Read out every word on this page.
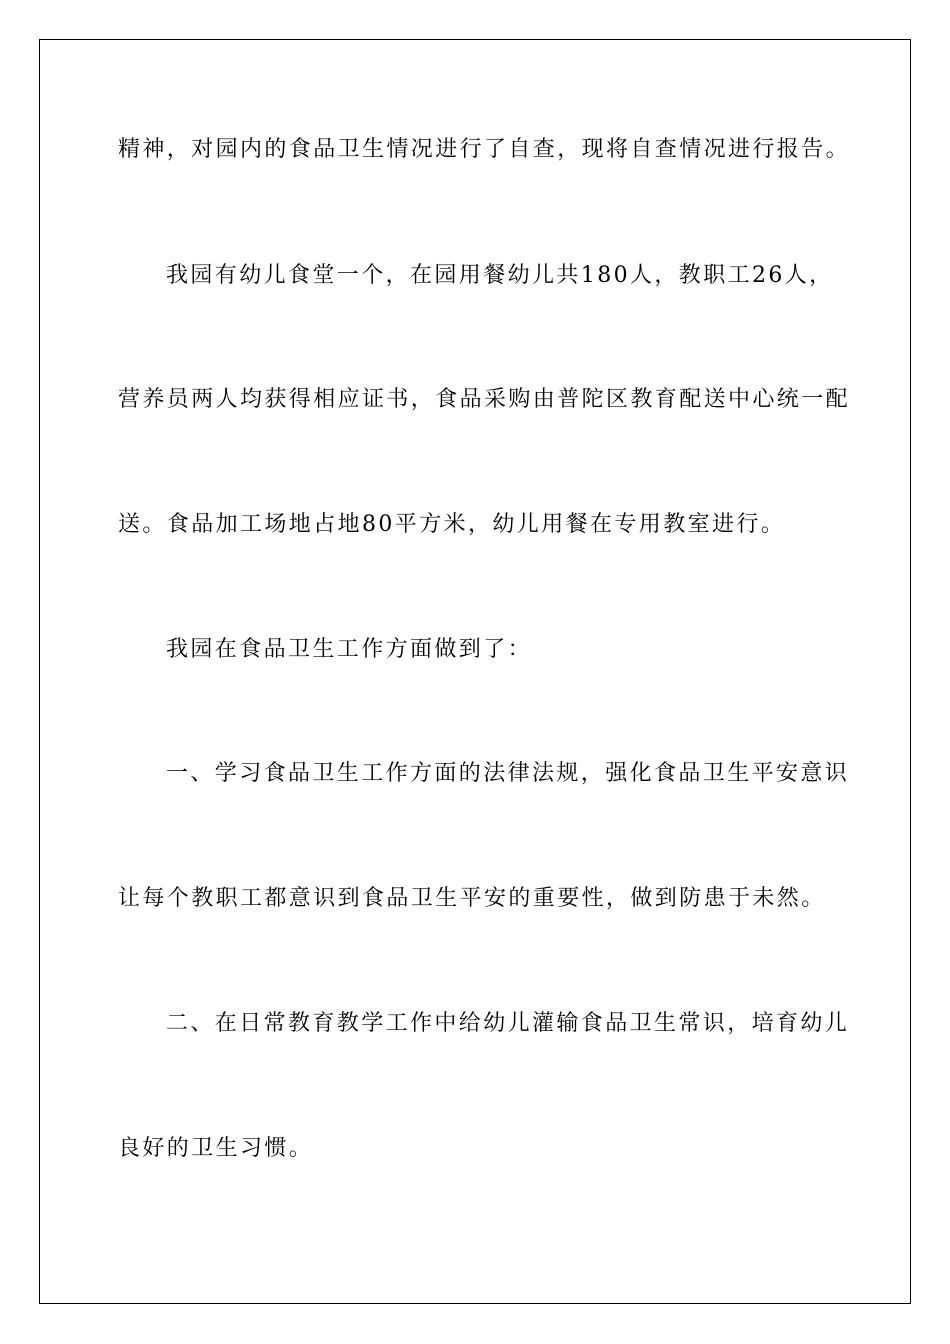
精神，对园内的食品卫生情况进行了自查，现将自查情况进行报告。

我园有幼儿食堂一个，在园用餐幼儿共180人，教职工26人，

营养员两人均获得相应证书，食品采购由普陀区教育配送中心统一配

送。食品加工场地占地80平方米，幼儿用餐在专用教室进行。

我园在食品卫生工作方面做到了：

一、学习食品卫生工作方面的法律法规，强化食品卫生平安意识

让每个教职工都意识到食品卫生平安的重要性，做到防患于未然。

二、在日常教育教学工作中给幼儿灌输食品卫生常识，培育幼儿

良好的卫生习惯。
